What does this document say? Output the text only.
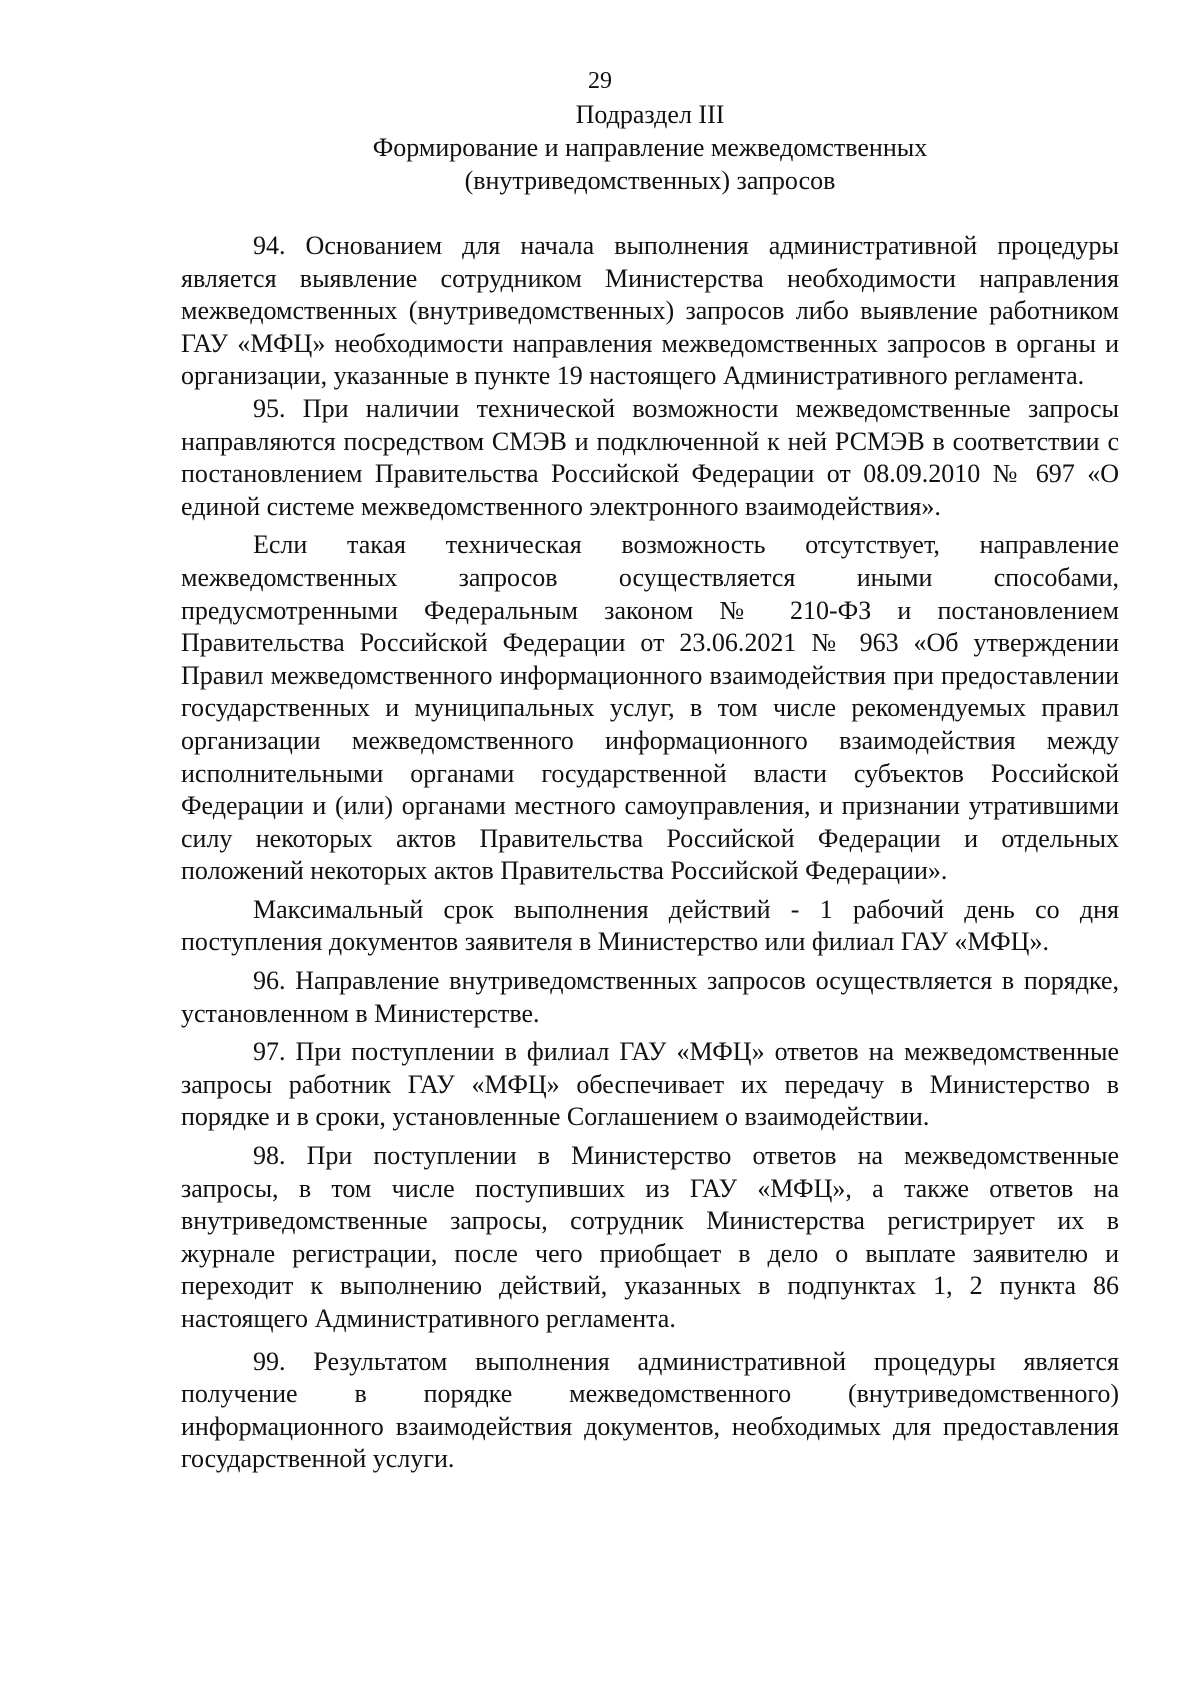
29
Подраздел III
Формирование и направление межведомственных
(внутриведомственных) запросов

94. Основанием для начала выполнения административной процедуры является выявление сотрудником Министерства необходимости направления межведомственных (внутриведомственных) запросов либо выявление работником ГАУ «МФЦ» необходимости направления межведомственных запросов в органы и организации, указанные в пункте 19 настоящего Административного регламента.

95. При наличии технической возможности межведомственные запросы направляются посредством СМЭВ и подключенной к ней РСМЭВ в соответствии с постановлением Правительства Российской Федерации от 08.09.2010 № 697 «О единой системе межведомственного электронного взаимодействия».

Если такая техническая возможность отсутствует, направление межведомственных запросов осуществляется иными способами, предусмотренными Федеральным законом № 210-ФЗ и постановлением Правительства Российской Федерации от 23.06.2021 № 963 «Об утверждении Правил межведомственного информационного взаимодействия при предоставлении государственных и муниципальных услуг, в том числе рекомендуемых правил организации межведомственного информационного взаимодействия между исполнительными органами государственной власти субъектов Российской Федерации и (или) органами местного самоуправления, и признании утратившими силу некоторых актов Правительства Российской Федерации и отдельных положений некоторых актов Правительства Российской Федерации».

Максимальный срок выполнения действий - 1 рабочий день со дня поступления документов заявителя в Министерство или филиал ГАУ «МФЦ».

96. Направление внутриведомственных запросов осуществляется в порядке, установленном в Министерстве.

97. При поступлении в филиал ГАУ «МФЦ» ответов на межведомственные запросы работник ГАУ «МФЦ» обеспечивает их передачу в Министерство в порядке и в сроки, установленные Соглашением о взаимодействии.

98. При поступлении в Министерство ответов на межведомственные запросы, в том числе поступивших из ГАУ «МФЦ», а также ответов на внутриведомственные запросы, сотрудник Министерства регистрирует их в журнале регистрации, после чего приобщает в дело о выплате заявителю и переходит к выполнению действий, указанных в подпунктах 1, 2 пункта 86 настоящего Административного регламента.

99. Результатом выполнения административной процедуры является получение в порядке межведомственного (внутриведомственного) информационного взаимодействия документов, необходимых для предоставления государственной услуги.
